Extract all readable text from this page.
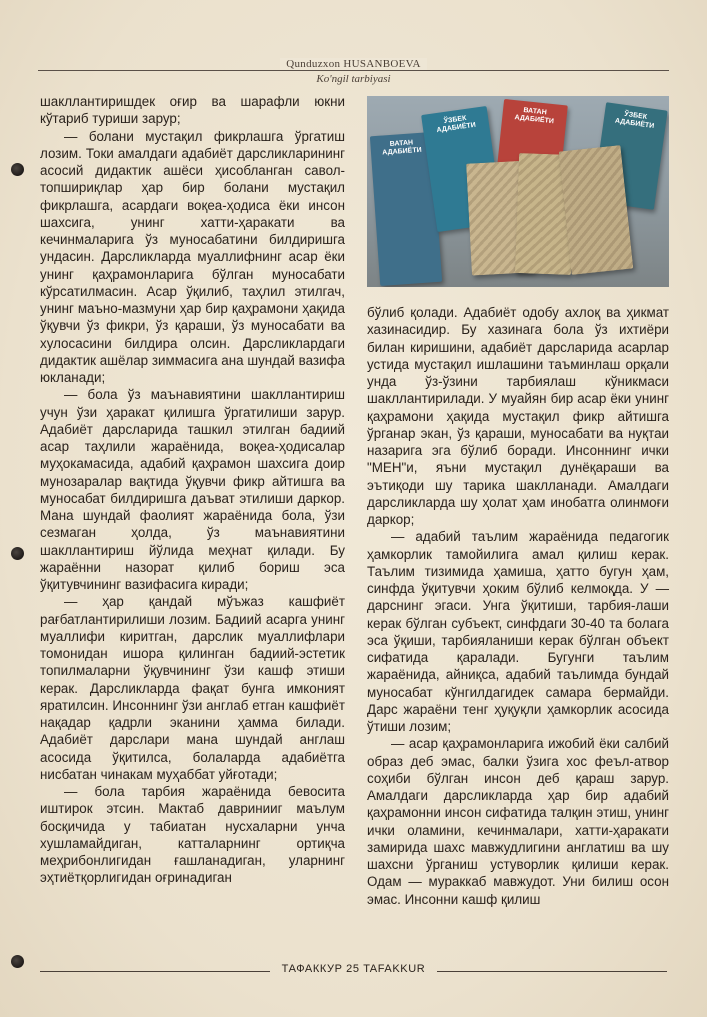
Qunduzxon HUSANBOEVA
Ko'ngil tarbiyasi

шакллантиришдек оғир ва шарафли юкни кўтариб туриши зарур;

— болани мустақил фикрлашга ўргатиш лозим. Токи амалдаги адабиёт дарсликларининг асосий дидактик ашёси ҳисобланган савол-топшириқлар ҳар бир болани мустақил фикрлашга, асардаги воқеа-ҳодиса ёки инсон шахсига, унинг хатти-ҳаракати ва кечинмаларига ўз муносабатини билдиришга ундасин. Дарсликларда муаллифнинг асар ёки унинг қаҳрамонларига бўлган муносабати кўрсатилмасин. Асар ўқилиб, таҳлил этилгач, унинг маъно-мазмуни ҳар бир қаҳрамони ҳақида ўқувчи ўз фикри, ўз қараши, ўз муносабати ва хулосасини билдира олсин. Дарсликлардаги дидактик ашёлар зиммасига ана шундай вазифа юкланади;

— бола ўз маънавиятини шакллантириш учун ўзи ҳаракат қилишга ўргатилиши зарур. Адабиёт дарсларида ташкил этилган бадиий асар таҳлили жараёнида, воқеа-ҳодисалар муҳокамасида, адабий қаҳрамон шахсига доир мунозаралар вақтида ўқувчи фикр айтишга ва муносабат билдиришга даъват этилиши даркор. Мана шундай фаолият жараёнида бола, ўзи сезмаган ҳолда, ўз маънавиятини шакллантириш йўлида меҳнат қилади. Бу жараённи назорат қилиб бориш эса ўқитувчининг вазифасига киради;

— ҳар қандай мўъжаз кашфиёт рағбатлантирилиши лозим. Бадиий асарга унинг муаллифи киритган, дарслик муаллифлари томонидан ишора қилинган бадиий-эстетик топилмаларни ўқувчининг ўзи кашф этиши керак. Дарсликларда фақат бунга имконият яратилсин. Инсоннинг ўзи англаб етган кашфиёт нақадар қадрли эканини ҳамма билади. Адабиёт дарслари мана шундай англаш асосида ўқитилса, болаларда адабиётга нисбатан чинакам муҳаббат уйғотади;

— бола тарбия жараёнида бевосита иштирок этсин. Мактаб давринииг маълум босқичида у табиатан нусхаларни унча хушламайдиган, катталарнинг ортиқча меҳрибонлигидан ғашланадиган, уларнинг эҳтиётқорлигидан оғринадиган

ВАТАН АДАБИЁТИ
ЎЗБЕК АДАБИЁТИ
ВАТАН АДАБИЁТИ	ЎЗБЕК АДАБИЁТИ

бўлиб қолади. Адабиёт одобу ахлоқ ва ҳикмат хазинасидир. Бу хазинага бола ўз ихтиёри билан киришини, адабиёт дарсларида асарлар устида мустақил ишлашини таъминлаш орқали унда ўз-ўзини тарбиялаш кўникмаси шакллантирилади. У муайян бир асар ёки унинг қаҳрамони ҳақида мустақил фикр айтишга ўрганар экан, ўз қараши, муносабати ва нуқтаи назарига эга бўлиб боради. Инсоннинг ички "МЕН"и, яъни мустақил дунёқараши ва эътиқоди шу тарика шаклланади. Амалдаги дарсликларда шу ҳолат ҳам инобатга олинмоғи даркор;

— адабий таълим жараёнида педагогик ҳамкорлик тамойилига амал қилиш керак. Таълим тизимида ҳамиша, ҳатто бугун ҳам, синфда ўқитувчи ҳоким бўлиб келмоқда. У — дарснинг эгаси. Унга ўқитиши, тарбия-лаши керак бўлган субъект, синфдаги 30-40 та болага эса ўқиши, тарбияланиши керак бўлган объект сифатида қаралади. Бугунги таълим жараёнида, айниқса, адабий таълимда бундай муносабат кўнгилдагидек самара бермайди. Дарс жараёни тенг ҳуқуқли ҳамкорлик асосида ўтиши лозим;

— асар қаҳрамонларига ижобий ёки салбий образ деб эмас, балки ўзига хос феъл-атвор соҳиби бўлган инсон деб қараш зарур. Амалдаги дарсликларда ҳар бир адабий қаҳрамонни инсон сифатида талқин этиш, унинг ички оламини, кечинмалари, хатти-ҳаракати замирида шахс мавжудлигини англатиш ва шу шахсни ўрганиш устуворлик қилиши керак. Одам — мураккаб мавжудот. Уни билиш осон эмас. Инсонни кашф қилиш

ТАФАККУР 25 TAFAKKUR
